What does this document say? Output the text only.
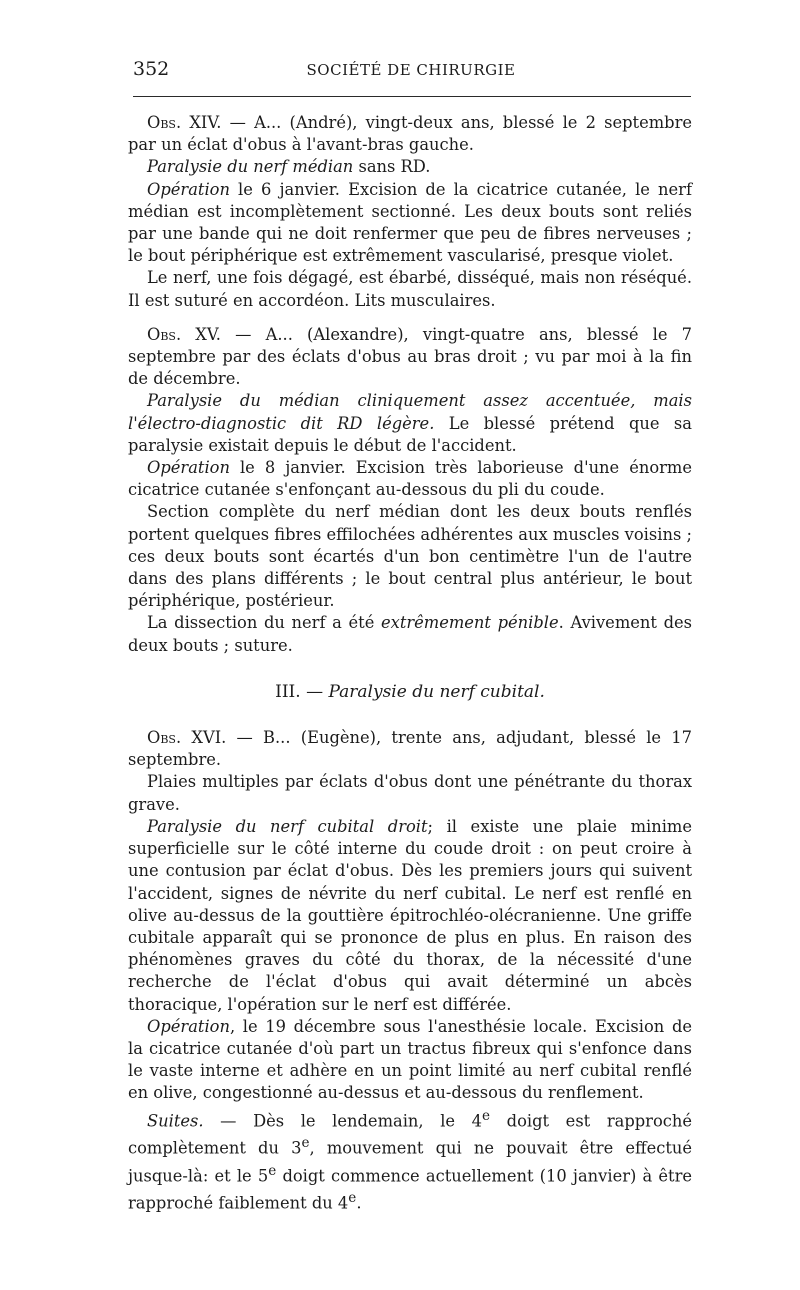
352	SOCIÉTÉ DE CHIRURGIE

Obs. XIV. — A... (André), vingt-deux ans, blessé le 2 septembre par un éclat d'obus à l'avant-bras gauche.

Paralysie du nerf médian sans RD.

Opération le 6 janvier. Excision de la cicatrice cutanée, le nerf médian est incomplètement sectionné. Les deux bouts sont reliés par une bande qui ne doit renfermer que peu de fibres nerveuses ; le bout périphérique est extrêmement vascularisé, presque violet.

Le nerf, une fois dégagé, est ébarbé, disséqué, mais non réséqué. Il est suturé en accordéon. Lits musculaires.

Obs. XV. — A... (Alexandre), vingt-quatre ans, blessé le 7 septembre par des éclats d'obus au bras droit ; vu par moi à la fin de décembre.

Paralysie du médian cliniquement assez accentuée, mais l'électro-diagnostic dit RD légère. Le blessé prétend que sa paralysie existait depuis le début de l'accident.

Opération le 8 janvier. Excision très laborieuse d'une énorme cicatrice cutanée s'enfonçant au-dessous du pli du coude.

Section complète du nerf médian dont les deux bouts renflés portent quelques fibres effilochées adhérentes aux muscles voisins ; ces deux bouts sont écartés d'un bon centimètre l'un de l'autre dans des plans différents ; le bout central plus antérieur, le bout périphérique, postérieur.

La dissection du nerf a été extrêmement pénible. Avivement des deux bouts ; suture.

III. — Paralysie du nerf cubital.

Obs. XVI. — B... (Eugène), trente ans, adjudant, blessé le 17 septembre.

Plaies multiples par éclats d'obus dont une pénétrante du thorax grave.

Paralysie du nerf cubital droit; il existe une plaie minime superficielle sur le côté interne du coude droit : on peut croire à une contusion par éclat d'obus. Dès les premiers jours qui suivent l'accident, signes de névrite du nerf cubital. Le nerf est renflé en olive au-dessus de la gouttière épitrochléo-olécranienne. Une griffe cubitale apparaît qui se prononce de plus en plus. En raison des phénomènes graves du côté du thorax, de la nécessité d'une recherche de l'éclat d'obus qui avait déterminé un abcès thoracique, l'opération sur le nerf est différée.

Opération, le 19 décembre sous l'anesthésie locale. Excision de la cicatrice cutanée d'où part un tractus fibreux qui s'enfonce dans le vaste interne et adhère en un point limité au nerf cubital renflé en olive, congestionné au-dessus et au-dessous du renflement.

Suites. — Dès le lendemain, le 4e doigt est rapproché complètement du 3e, mouvement qui ne pouvait être effectué jusque-là: et le 5e doigt commence actuellement (10 janvier) à être rapproché faiblement du 4e.
